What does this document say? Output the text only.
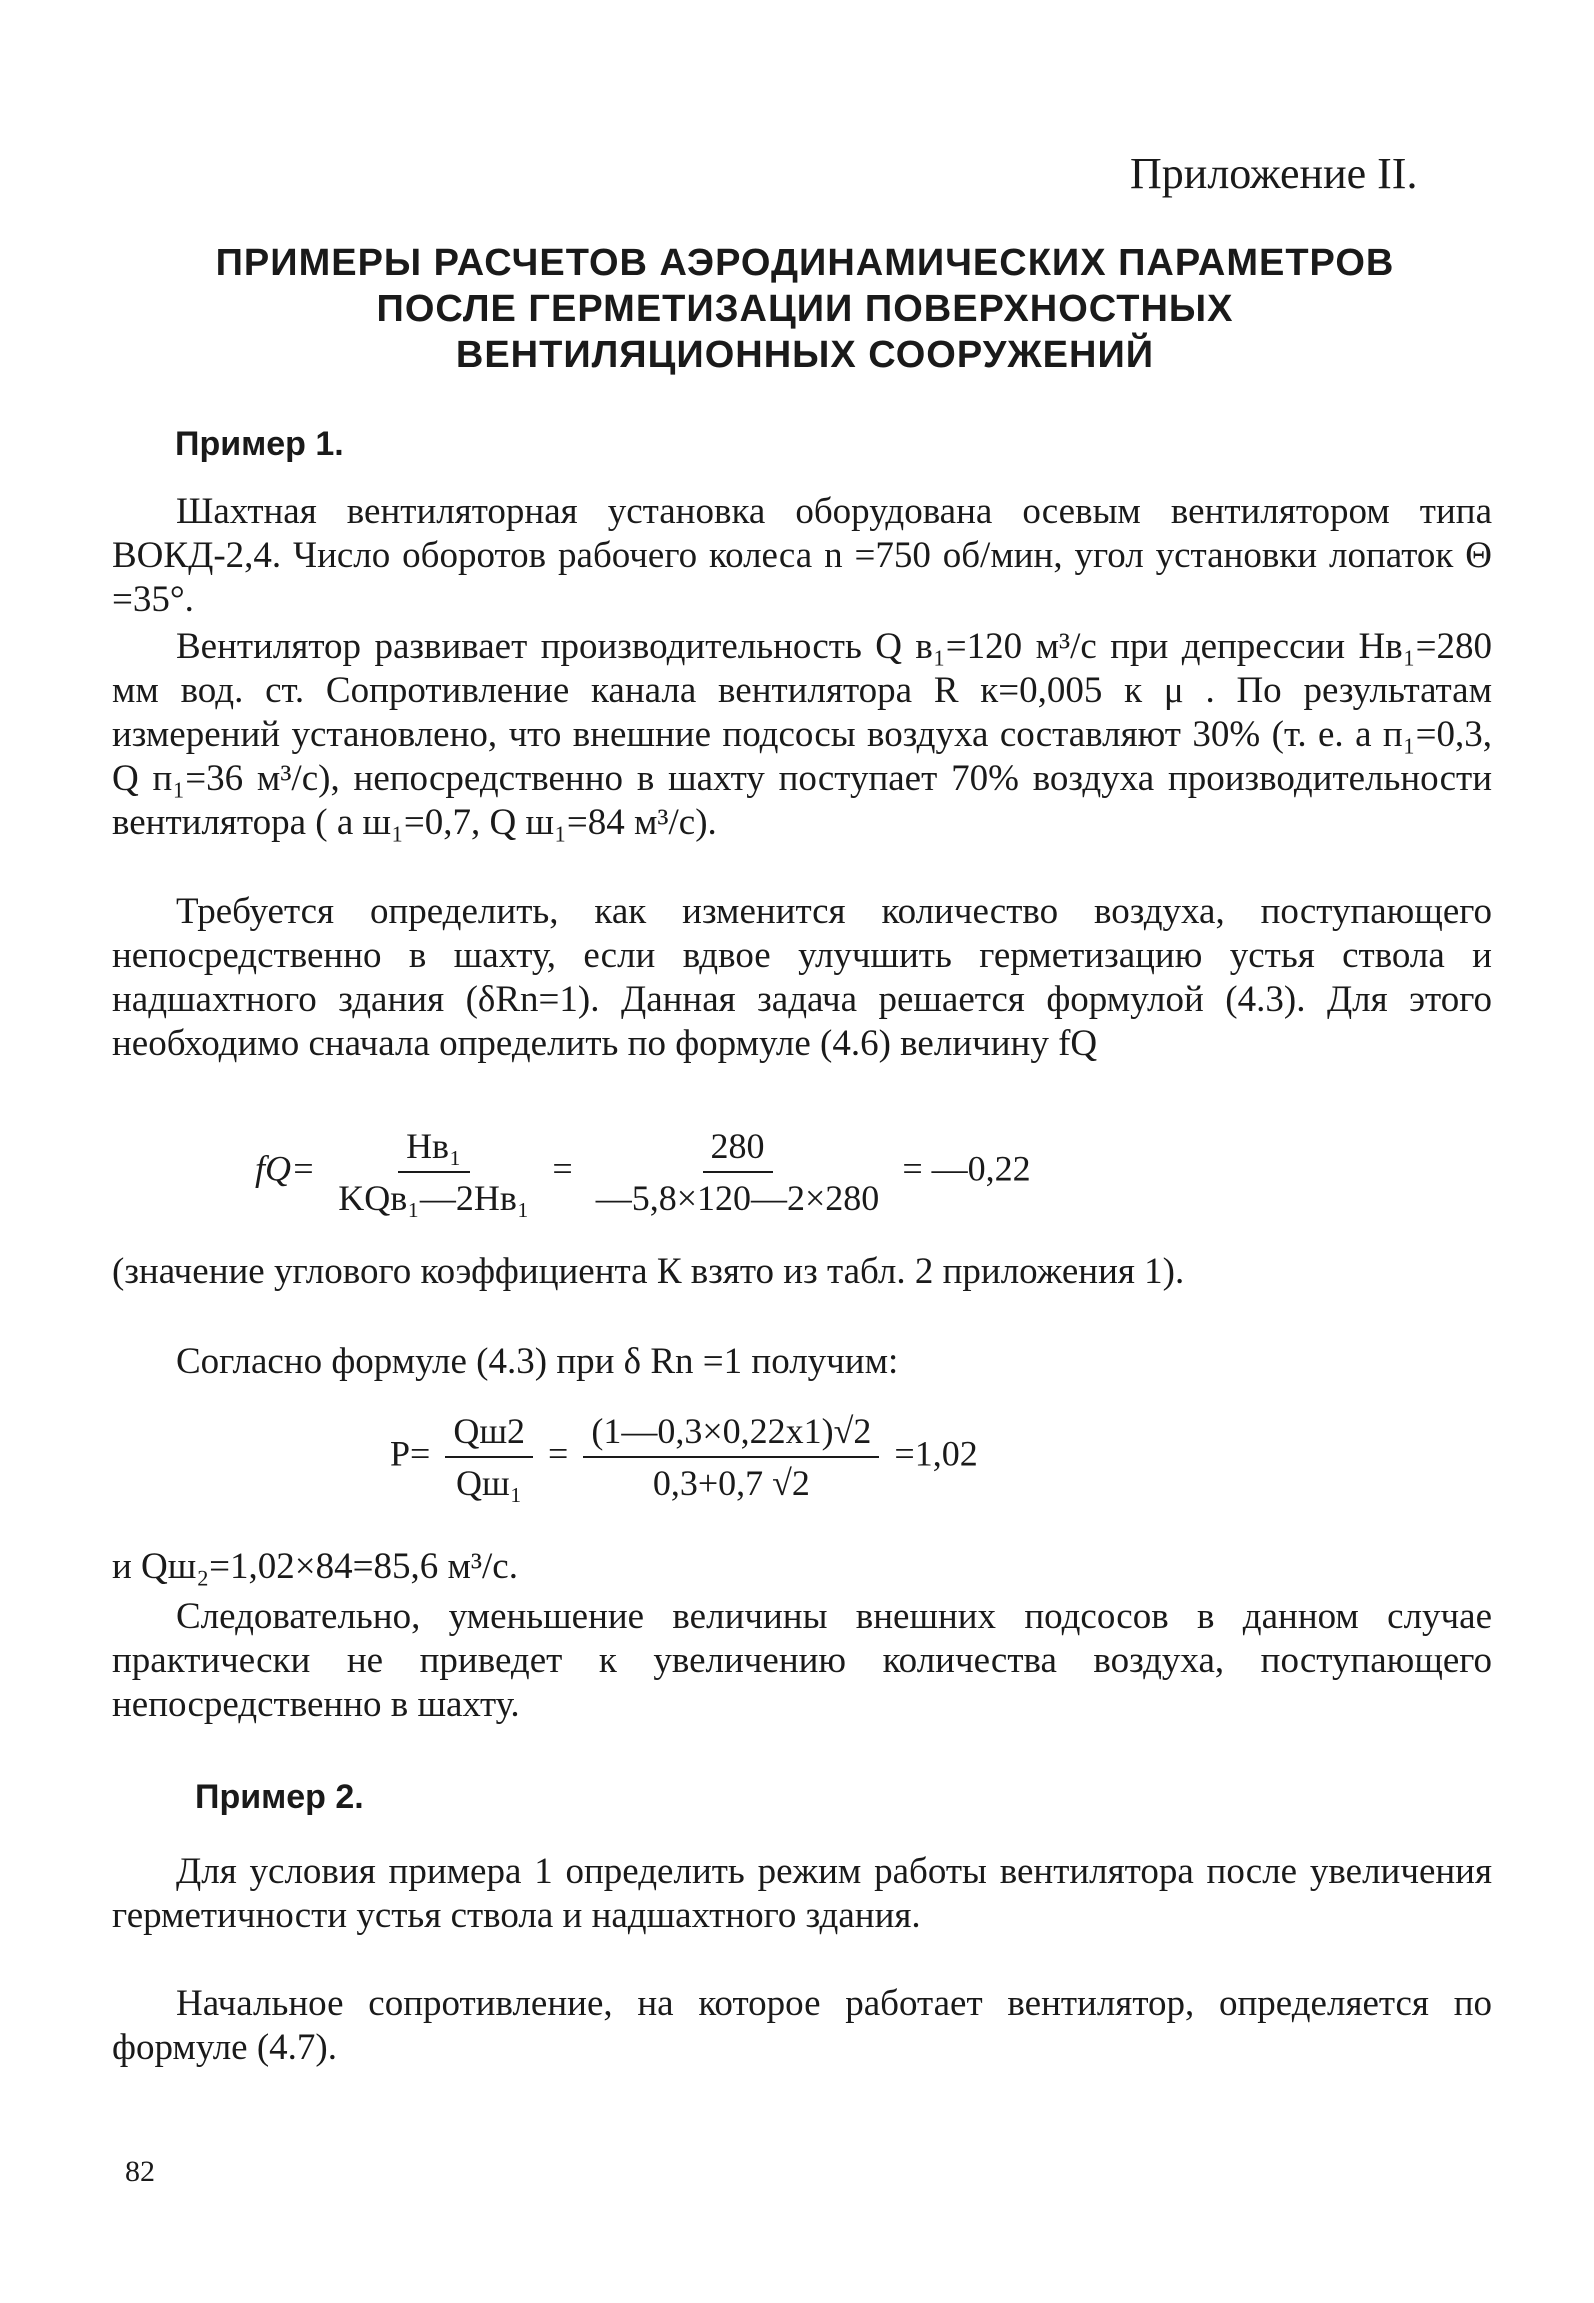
Приложение II.
ПРИМЕРЫ РАСЧЕТОВ АЭРОДИНАМИЧЕСКИХ ПАРАМЕТРОВ
ПОСЛЕ ГЕРМЕТИЗАЦИИ ПОВЕРХНОСТНЫХ
ВЕНТИЛЯЦИОННЫХ СООРУЖЕНИЙ
Пример 1.
Шахтная вентиляторная установка оборудована осевым вентилятором типа ВОКД-2,4. Число оборотов рабочего колеса n =750 об/мин, угол установки лопаток Θ =35°.
Вентилятор развивает производительность Q в₁=120 м³/с при депрессии Нв₁=280 мм вод. ст. Сопротивление канала вентилятора R к=0,005 к μ . По результатам измерений установлено, что внешние подсосы воздуха составляют 30% (т. е. a п₁=0,3, Q п₁=36 м³/с), непосредственно в шахту поступает 70% воздуха производительности вентилятора ( a ш₁=0,7, Q ш₁=84 м³/с).
Требуется определить, как изменится количество воздуха, поступающего непосредственно в шахту, если вдвое улучшить герметизацию устья ствола и надшахтного здания (δRn=1). Данная задача решается формулой (4.3). Для этого необходимо сначала определить по формуле (4.6) величину fQ
$fQ= \frac{\text{Нв₁}}{\text{KQв₁—2Нв₁}} = \frac{280}{—5,8\times 120—2\times 280}$ = —0,22
(значение углового коэффициента К взято из табл. 2 приложения 1).
Согласно формуле (4.3) при δ Rn =1 получим:
$P= \frac{Qш2}{\text{Qш₁}} = \frac{(1—0,3\times 0,22x1)√2}{0,3+0,7 √2} =1,02$
и Qш₂=1,02×84=85,6 м³/с.
Следовательно, уменьшение величины внешних подсосов в данном случае практически не приведет к увеличению количества воздуха, поступающего непосредственно в шахту.
Пример 2.
Для условия примера 1 определить режим работы вентилятора после увеличения герметичности устья ствола и надшахтного здания.
Начальное сопротивление, на которое работает вентилятор, определяется по формуле (4.7).
82
